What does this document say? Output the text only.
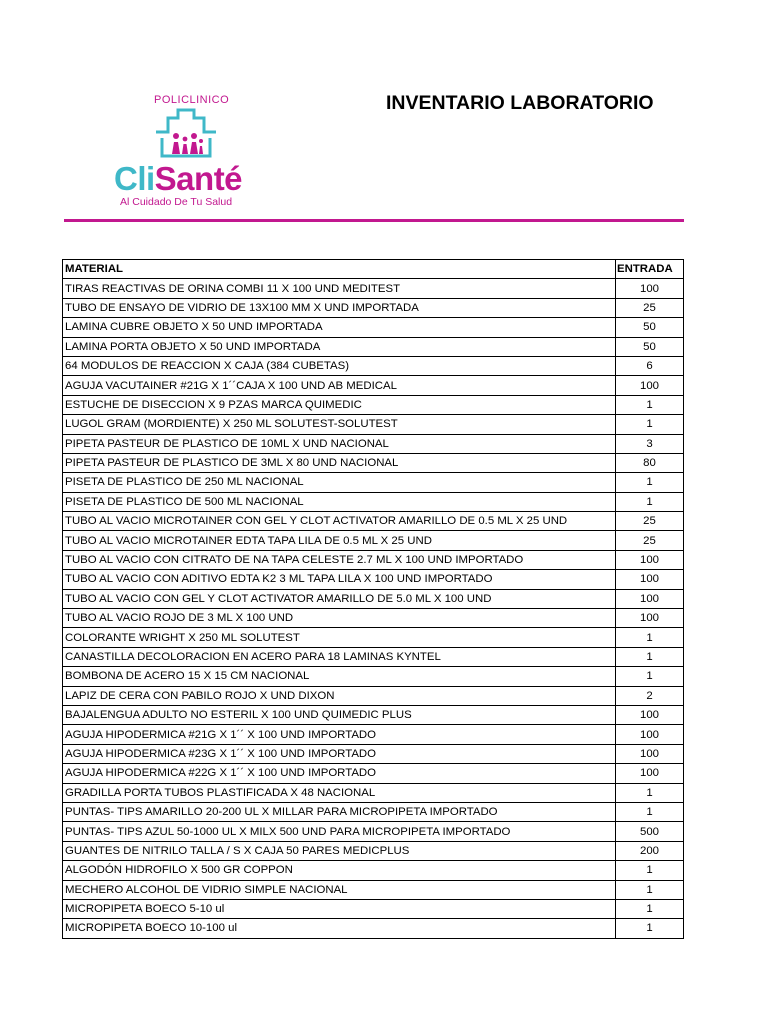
POLICLINICO
CliSanté
Al Cuidado De Tu Salud
INVENTARIO LABORATORIO
MATERIAL	ENTRADA
TIRAS REACTIVAS DE ORINA COMBI 11 X 100 UND MEDITEST	100
TUBO DE ENSAYO DE VIDRIO DE 13X100 MM X UND IMPORTADA	25
LAMINA CUBRE OBJETO X 50 UND IMPORTADA	50
LAMINA PORTA OBJETO X 50 UND IMPORTADA	50
64 MODULOS DE REACCION X CAJA (384 CUBETAS)	6
AGUJA VACUTAINER #21G X 1´´CAJA X 100 UND AB MEDICAL	100
ESTUCHE DE DISECCION X 9 PZAS MARCA QUIMEDIC	1
LUGOL GRAM (MORDIENTE) X 250 ML SOLUTEST-SOLUTEST	1
PIPETA PASTEUR DE PLASTICO DE 10ML X UND NACIONAL	3
PIPETA PASTEUR DE PLASTICO DE 3ML X 80 UND NACIONAL	80
PISETA DE PLASTICO DE 250 ML NACIONAL	1
PISETA DE PLASTICO DE 500 ML NACIONAL	1
TUBO AL VACIO MICROTAINER CON GEL Y CLOT ACTIVATOR AMARILLO DE 0.5 ML X 25 UND	25
TUBO AL VACIO MICROTAINER EDTA TAPA LILA DE 0.5 ML X 25 UND	25
TUBO AL VACIO CON CITRATO DE NA TAPA CELESTE 2.7 ML X 100 UND IMPORTADO	100
TUBO AL VACIO CON ADITIVO EDTA K2 3 ML TAPA LILA X 100 UND IMPORTADO	100
TUBO AL VACIO CON GEL Y CLOT ACTIVATOR AMARILLO DE 5.0 ML X 100 UND	100
TUBO AL VACIO ROJO DE 3 ML X 100 UND	100
COLORANTE WRIGHT X 250 ML SOLUTEST	1
CANASTILLA DECOLORACION EN ACERO PARA 18 LAMINAS KYNTEL	1
BOMBONA DE ACERO 15 X 15 CM NACIONAL	1
LAPIZ DE CERA CON PABILO ROJO X UND DIXON	2
BAJALENGUA ADULTO NO ESTERIL X 100 UND QUIMEDIC PLUS	100
AGUJA HIPODERMICA #21G X 1´´ X 100 UND IMPORTADO	100
AGUJA HIPODERMICA #23G X 1´´ X 100 UND IMPORTADO	100
AGUJA HIPODERMICA #22G X 1´´ X 100 UND IMPORTADO	100
GRADILLA PORTA TUBOS PLASTIFICADA X 48 NACIONAL	1
PUNTAS- TIPS AMARILLO 20-200 UL X MILLAR PARA MICROPIPETA IMPORTADO	1
PUNTAS- TIPS AZUL 50-1000 UL X MILX 500 UND PARA MICROPIPETA IMPORTADO	500
GUANTES DE NITRILO TALLA / S X CAJA 50 PARES MEDICPLUS	200
ALGODÓN HIDROFILO X 500 GR COPPON	1
MECHERO ALCOHOL DE VIDRIO SIMPLE NACIONAL	1
MICROPIPETA BOECO 5-10 ul	1
MICROPIPETA BOECO 10-100 ul	1
